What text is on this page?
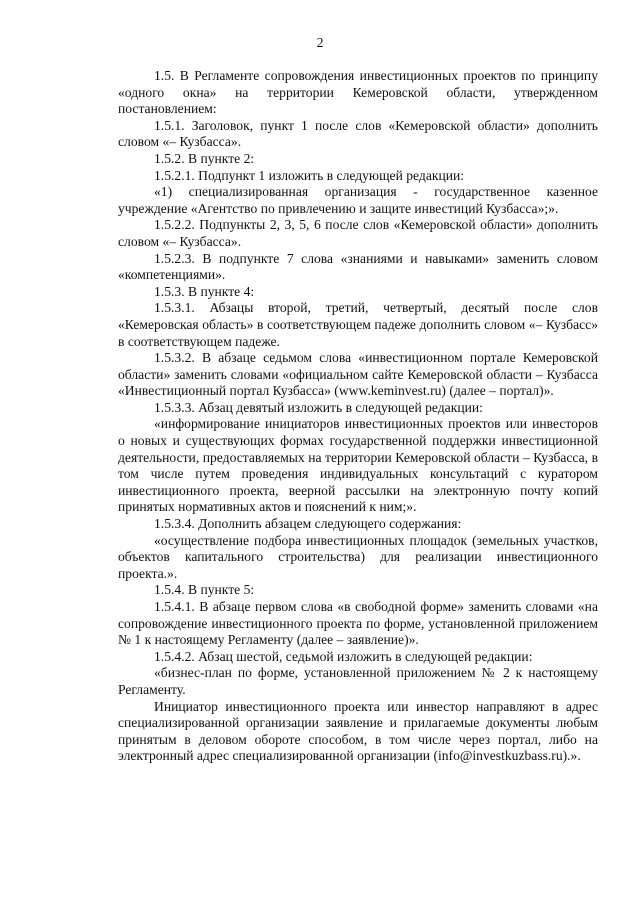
2

1.5. В Регламенте сопровождения инвестиционных проектов по принципу «одного окна» на территории Кемеровской области, утвержденном постановлением:

1.5.1. Заголовок, пункт 1 после слов «Кемеровской области» дополнить словом «– Кузбасса».

1.5.2. В пункте 2:

1.5.2.1. Подпункт 1 изложить в следующей редакции:

«1) специализированная организация - государственное казенное учреждение «Агентство по привлечению и защите инвестиций Кузбасса»;».

1.5.2.2. Подпункты 2, 3, 5, 6 после слов «Кемеровской области» дополнить словом «– Кузбасса».

1.5.2.3. В подпункте 7 слова «знаниями и навыками» заменить словом «компетенциями».

1.5.3. В пункте 4:

1.5.3.1. Абзацы второй, третий, четвертый, десятый после слов «Кемеровская область» в соответствующем падеже дополнить словом «– Кузбасс» в соответствующем падеже.

1.5.3.2. В абзаце седьмом слова «инвестиционном портале Кемеровской области» заменить словами «официальном сайте Кемеровской области – Кузбасса «Инвестиционный портал Кузбасса» (www.keminvest.ru) (далее – портал)».

1.5.3.3. Абзац девятый изложить в следующей редакции:

«информирование инициаторов инвестиционных проектов или инвесторов о новых и существующих формах государственной поддержки инвестиционной деятельности, предоставляемых на территории Кемеровской области – Кузбасса, в том числе путем проведения индивидуальных консультаций с куратором инвестиционного проекта, веерной рассылки на электронную почту копий принятых нормативных актов и пояснений к ним;».

1.5.3.4. Дополнить абзацем следующего содержания:

«осуществление подбора инвестиционных площадок (земельных участков, объектов капитального строительства) для реализации инвестиционного проекта.».

1.5.4. В пункте 5:

1.5.4.1. В абзаце первом слова «в свободной форме» заменить словами «на сопровождение инвестиционного проекта по форме, установленной приложением № 1 к настоящему Регламенту (далее – заявление)».

1.5.4.2. Абзац шестой, седьмой изложить в следующей редакции:

«бизнес-план по форме, установленной приложением № 2 к настоящему Регламенту.

Инициатор инвестиционного проекта или инвестор направляют в адрес специализированной организации заявление и прилагаемые документы любым принятым в деловом обороте способом, в том числе через портал, либо на электронный адрес специализированной организации (info@investkuzbass.ru).».
